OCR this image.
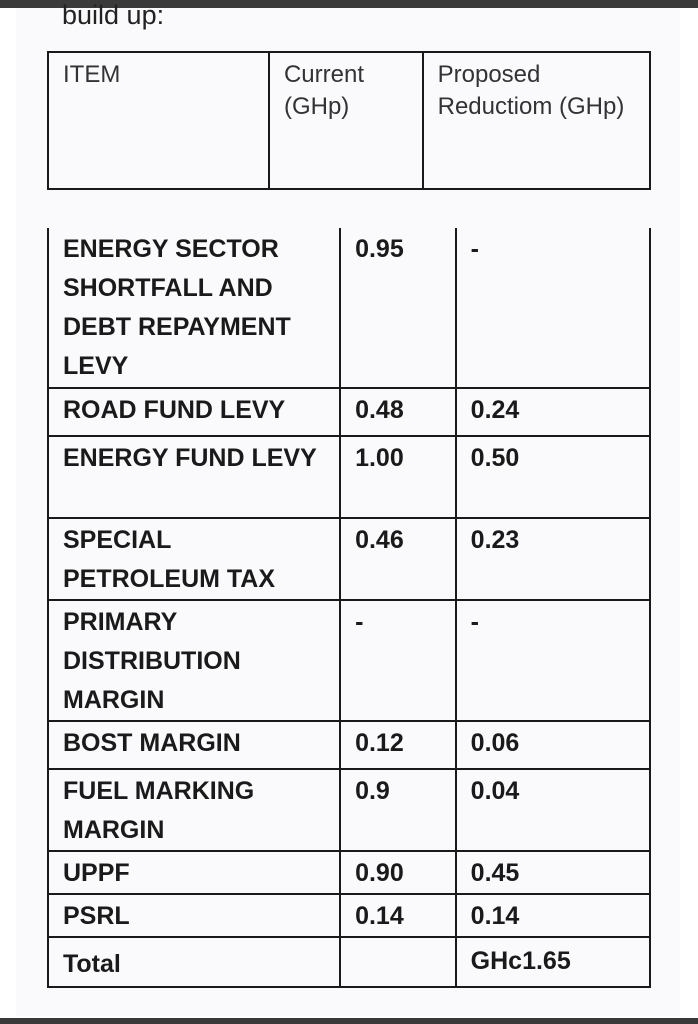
build up:
ITEM	Current (GHp)	Proposed Reductiom (GHp)
ENERGY SECTOR SHORTFALL AND DEBT REPAYMENT LEVY	0.95	-
ROAD FUND LEVY	0.48	0.24
ENERGY FUND LEVY	1.00	0.50
SPECIAL PETROLEUM TAX	0.46	0.23
PRIMARY DISTRIBUTION MARGIN	-	-
BOST MARGIN	0.12	0.06
FUEL MARKING MARGIN	0.9	0.04
UPPF	0.90	0.45
PSRL	0.14	0.14
Total		GHc1.65
